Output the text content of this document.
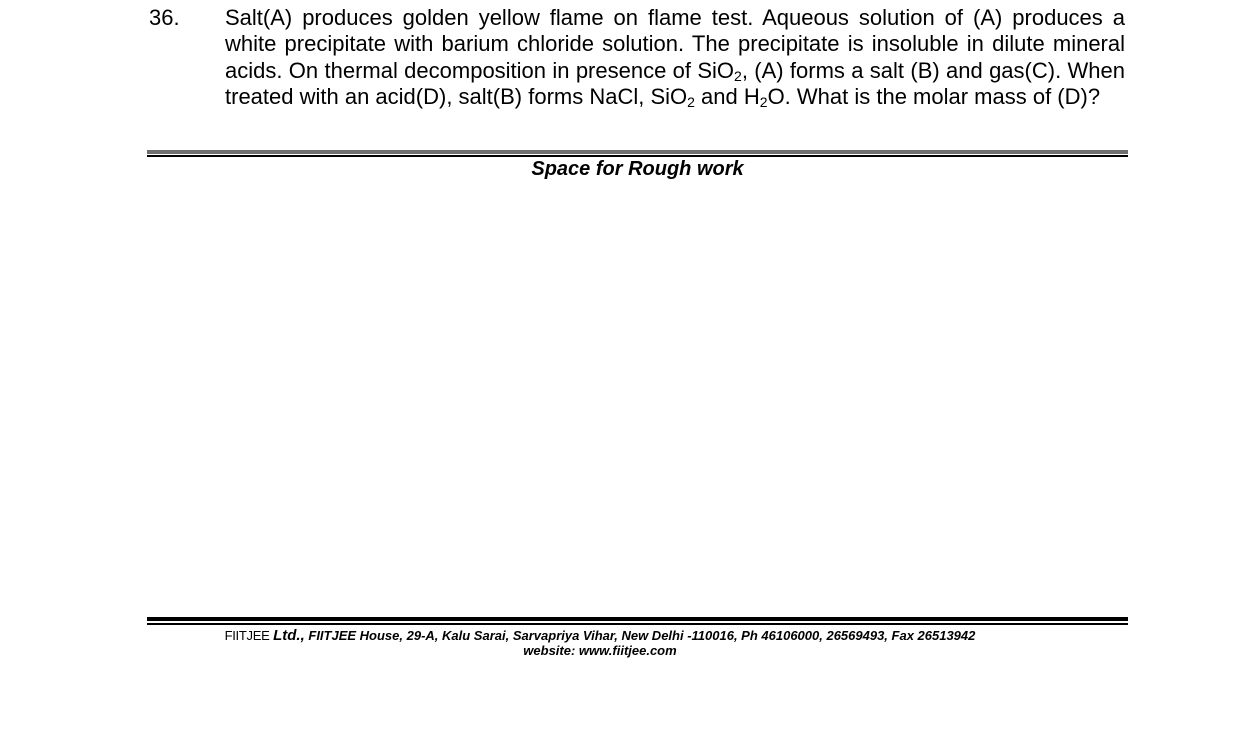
36. Salt(A) produces golden yellow flame on flame test. Aqueous solution of (A) produces a white precipitate with barium chloride solution. The precipitate is insoluble in dilute mineral acids. On thermal decomposition in presence of SiO$_2$, (A) forms a salt (B) and gas(C). When treated with an acid(D), salt(B) forms NaCl, SiO$_2$ and $H_2O$. What is the molar mass of (D)?
Space for Rough work
FIITJEE Ltd., FIITJEE House, 29-A, Kalu Sarai, Sarvapriya Vihar, New Delhi -110016, Ph 46106000, 26569493, Fax 26513942
website: www.fiitjee.com
